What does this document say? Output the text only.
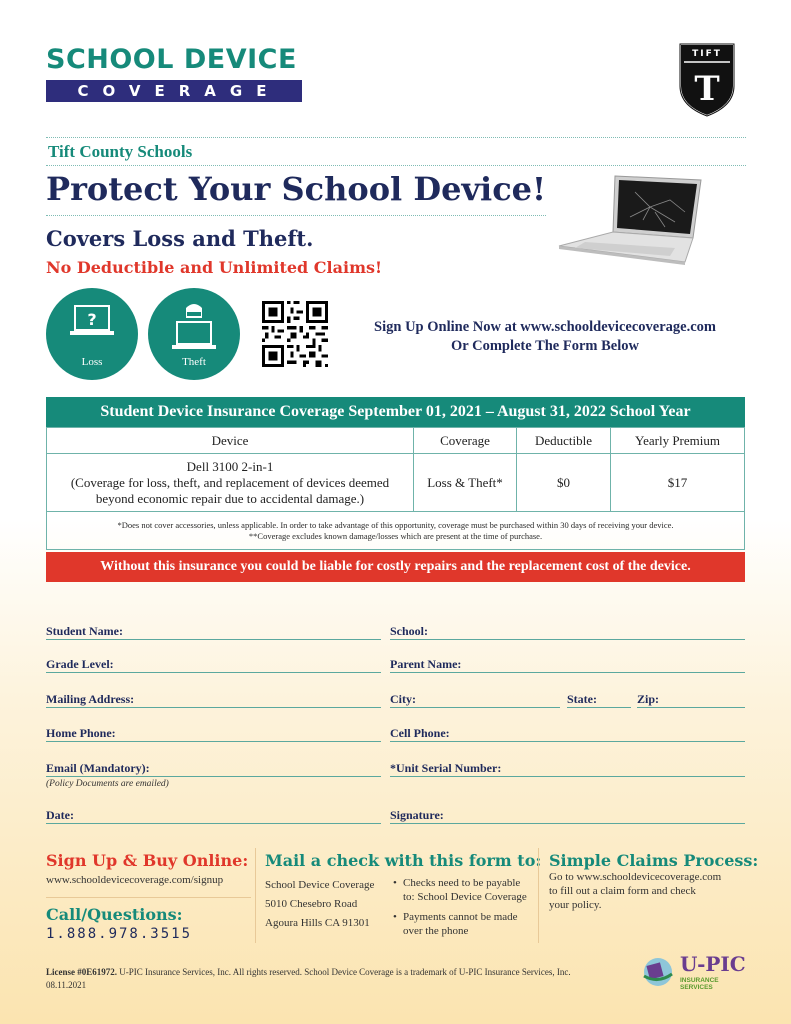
SCHOOL DEVICE
COVERAGE
TIFT
T
Tift County Schools
Protect Your School Device!
Covers Loss and Theft.
No Deductible and Unlimited Claims!
?
Loss	Theft
Sign Up Online Now at www.schooldevicecoverage.com
Or Complete The Form Below
Student Device Insurance Coverage September 01, 2021 – August 31, 2022 School Year
Device	Coverage	Deductible	Yearly Premium

Dell 3100 2-in-1
(Coverage for loss, theft, and replacement of devices deemed
beyond economic repair due to accidental damage.)	Loss & Theft*	$0	$17
*Does not cover accessories, unless applicable. In order to take advantage of this opportunity, coverage must be purchased within 30 days of receiving your device.
**Coverage excludes known damage/losses which are present at the time of purchase.
Without this insurance you could be liable for costly repairs and the replacement cost of the device.
Student Name:	School:
Grade Level:	Parent Name:
Mailing Address:	City:	State:	Zip:
Home Phone:	Cell Phone:
Email (Mandatory):	*Unit Serial Number:
(Policy Documents are emailed)
Date:	Signature:
Sign Up & Buy Online:
www.schooldevicecoverage.com/signup
Call/Questions:
1.888.978.3515
Mail a check with this form to:
School Device Coverage
5010 Chesebro Road
Agoura Hills CA 91301
• Checks need to be payable
to: School Device Coverage
• Payments cannot be made
over the phone
Simple Claims Process:
Go to www.schooldevicecoverage.com
to fill out a claim form and check
your policy.
License #0E61972. U-PIC Insurance Services, Inc. All rights reserved. School Device Coverage is a trademark of U-PIC Insurance Services, Inc.
08.11.2021
U-PIC
INSURANCE SERVICES
